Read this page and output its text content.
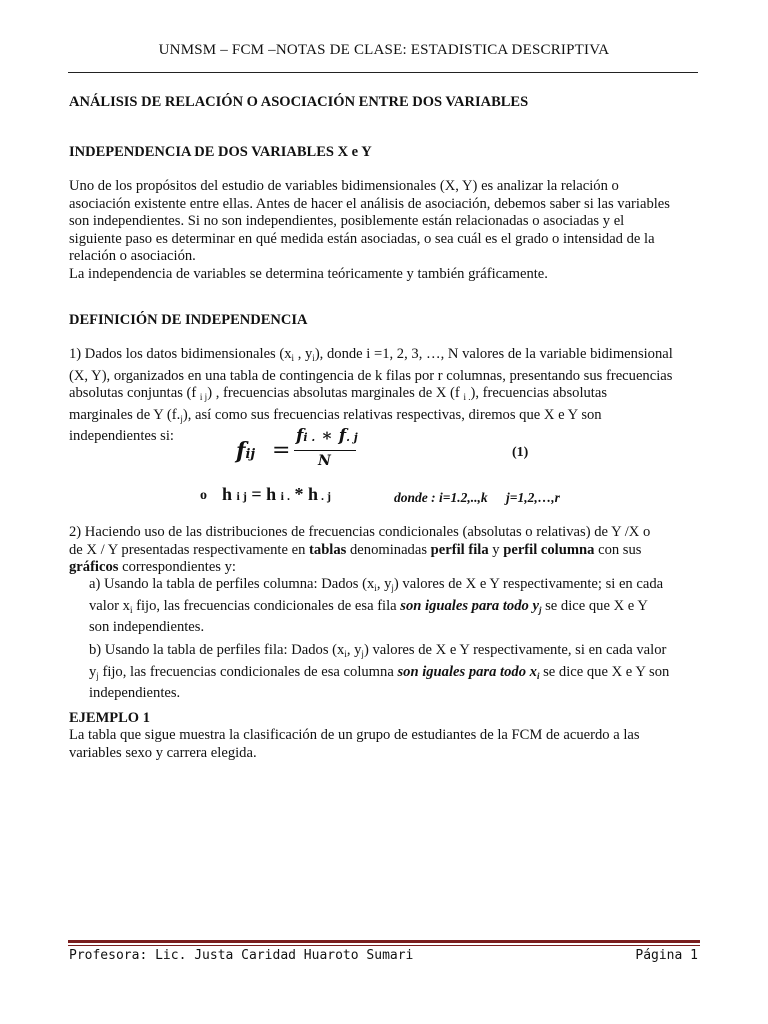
UNMSM – FCM –NOTAS DE CLASE: ESTADISTICA DESCRIPTIVA
ANÁLISIS DE RELACIÓN O ASOCIACIÓN ENTRE DOS VARIABLES
INDEPENDENCIA DE DOS VARIABLES X e Y
Uno de los propósitos del estudio de variables bidimensionales (X, Y) es analizar la relación o
asociación existente entre ellas. Antes de hacer el análisis de asociación, debemos saber si las variables
son independientes. Si no son independientes, posiblemente están relacionadas o asociadas y el
siguiente paso es determinar en qué medida están asociadas, o sea cuál es el grado o intensidad de la
relación o asociación.
La independencia de variables se determina teóricamente y también gráficamente.
DEFINICIÓN DE INDEPENDENCIA
1) Dados los datos bidimensionales ($x_i$ , $y_i$), donde i =1, 2, 3, …, N valores de la variable bidimensional
(X, Y), organizados en una tabla de contingencia de k filas por r columnas, presentando sus frecuencias
absolutas conjuntas (f $_{i j}$) , frecuencias absolutas marginales de X (f $_{i .}$), frecuencias absolutas
marginales de Y $(f._j)$, así como sus frecuencias relativas respectivas, diremos que X e Y son
independientes si:
fij =
fi . ∗ f. j
N
(1)
o h i j = h i . * h . j	donde : i=1.2,..,k j=1,2,…,r
2) Haciendo uso de las distribuciones de frecuencias condicionales (absolutas o relativas) de Y /X o
de X / Y presentadas respectivamente en tablas denominadas perfil fila y perfil columna con sus
gráficos correspondientes y:
a) Usando la tabla de perfiles columna: Dados ($x_i$, $y_j$) valores de X e Y respectivamente; si en cada
valor $x_i$ fijo, las frecuencias condicionales de esa fila son iguales para todo $y_j$ se dice que X e Y
son independientes.
b) Usando la tabla de perfiles fila: Dados ($x_i$, $y_j$) valores de X e Y respectivamente, si en cada valor
$y_j$ fijo, las frecuencias condicionales de esa columna son iguales para todo $x_i$ se dice que X e Y son
independientes.
EJEMPLO 1
La tabla que sigue muestra la clasificación de un grupo de estudiantes de la FCM de acuerdo a las
variables sexo y carrera elegida.
Profesora: Lic. Justa Caridad Huaroto Sumari	Página 1
